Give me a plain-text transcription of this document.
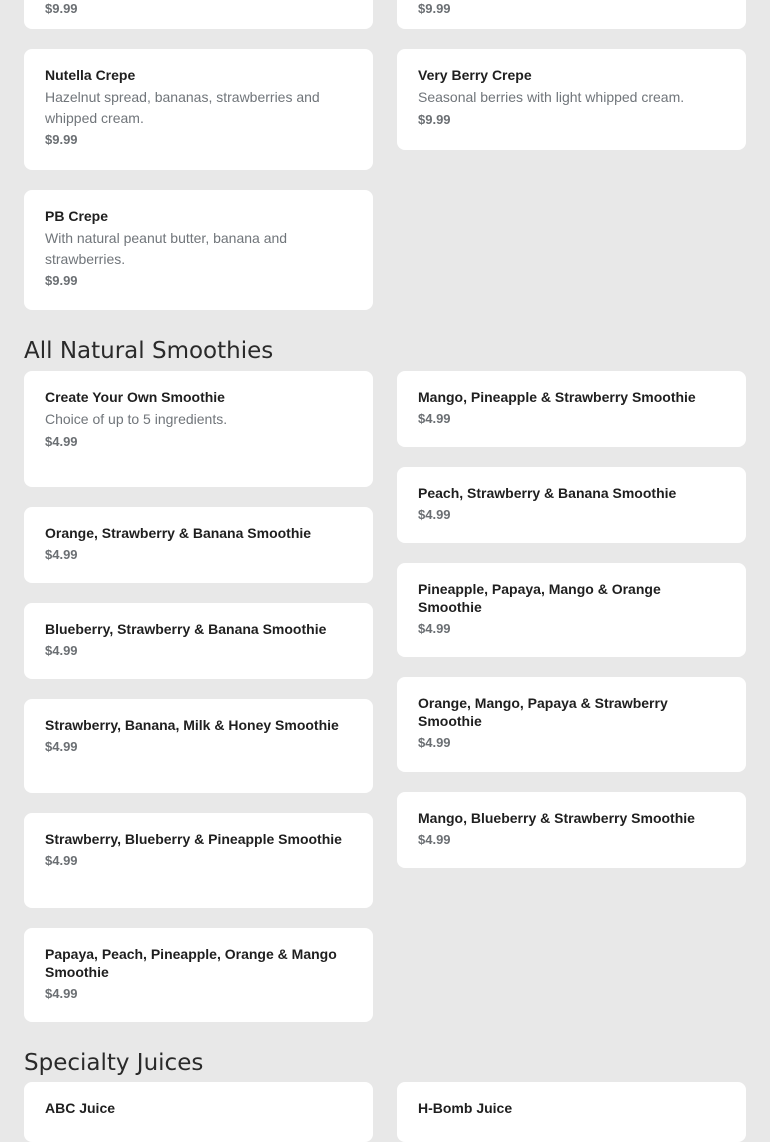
$9.99	$9.99
Nutella Crepe
Hazelnut spread, bananas, strawberries and whipped cream.
$9.99
Very Berry Crepe
Seasonal berries with light whipped cream.
$9.99
PB Crepe
With natural peanut butter, banana and strawberries.
$9.99
All Natural Smoothies
Create Your Own Smoothie
Choice of up to 5 ingredients.
$4.99
Mango, Pineapple & Strawberry Smoothie
$4.99
Peach, Strawberry & Banana Smoothie
$4.99
Orange, Strawberry & Banana Smoothie
$4.99
Pineapple, Papaya, Mango & Orange Smoothie
$4.99
Blueberry, Strawberry & Banana Smoothie
$4.99
Orange, Mango, Papaya & Strawberry Smoothie
$4.99
Strawberry, Banana, Milk & Honey Smoothie
$4.99
Mango, Blueberry & Strawberry Smoothie
$4.99
Strawberry, Blueberry & Pineapple Smoothie
$4.99
Papaya, Peach, Pineapple, Orange & Mango Smoothie
$4.99
Specialty Juices
ABC Juice	H-Bomb Juice
